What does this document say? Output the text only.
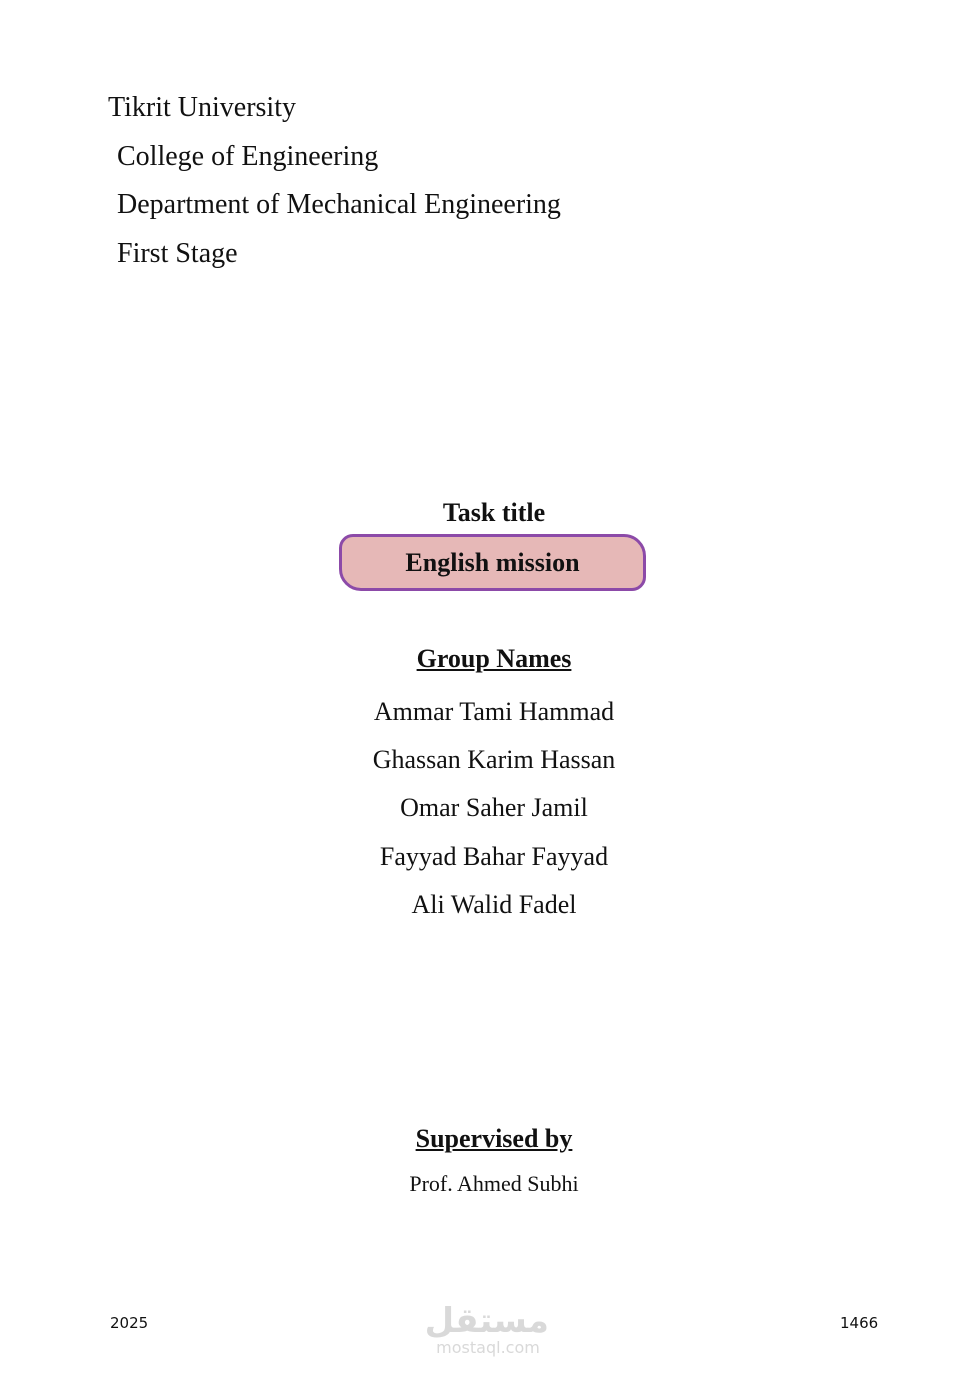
Tikrit University
College of Engineering
Department of Mechanical Engineering
First Stage
Task title
English mission
Group Names
Ammar Tami Hammad
Ghassan Karim Hassan
Omar Saher Jamil
Fayyad Bahar Fayyad
Ali Walid Fadel
Supervised by
Prof. Ahmed Subhi
2025	1466
مستقل
mostaql.com
